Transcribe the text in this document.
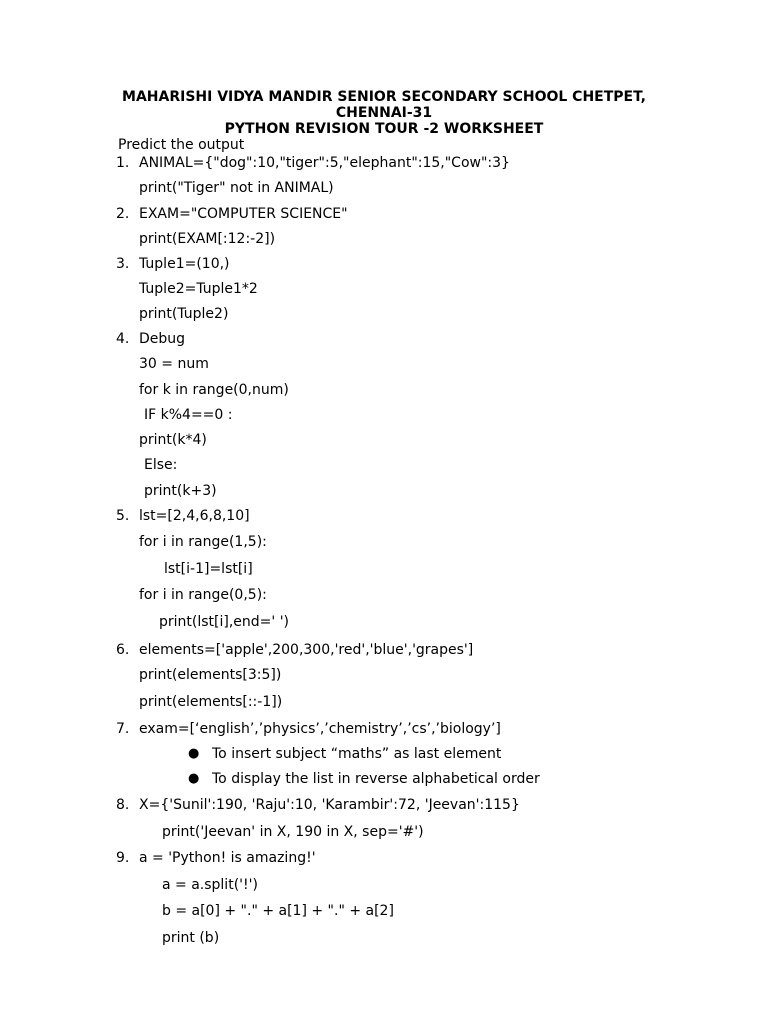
MAHARISHI VIDYA MANDIR SENIOR SECONDARY SCHOOL CHETPET,
CHENNAI-31
PYTHON REVISION TOUR -2 WORKSHEET
Predict the output
1. ANIMAL={"dog":10,"tiger":5,"elephant":15,"Cow":3}
print("Tiger" not in ANIMAL)
2. EXAM="COMPUTER SCIENCE"
print(EXAM[:12:-2])
3. Tuple1=(10,)
Tuple2=Tuple1*2
print(Tuple2)
4. Debug
30 = num
for k in range(0,num)
IF k%4==0 :
print(k*4)
Else:
print(k+3)
5. lst=[2,4,6,8,10]
for i in range(1,5):
lst[i-1]=lst[i]
for i in range(0,5):
print(lst[i],end=' ')
6. elements=['apple',200,300,'red','blue','grapes']
print(elements[3:5])
print(elements[::-1])
7. exam=[‘english’,’physics’,’chemistry’,’cs’,’biology’]
● To insert subject “maths” as last element
● To display the list in reverse alphabetical order
8. X={'Sunil':190, 'Raju':10, 'Karambir':72, 'Jeevan':115}
print('Jeevan' in X, 190 in X, sep='#')
9. a = 'Python! is amazing!'
a = a.split('!')
b = a[0] + "." + a[1] + "." + a[2]
print (b)
